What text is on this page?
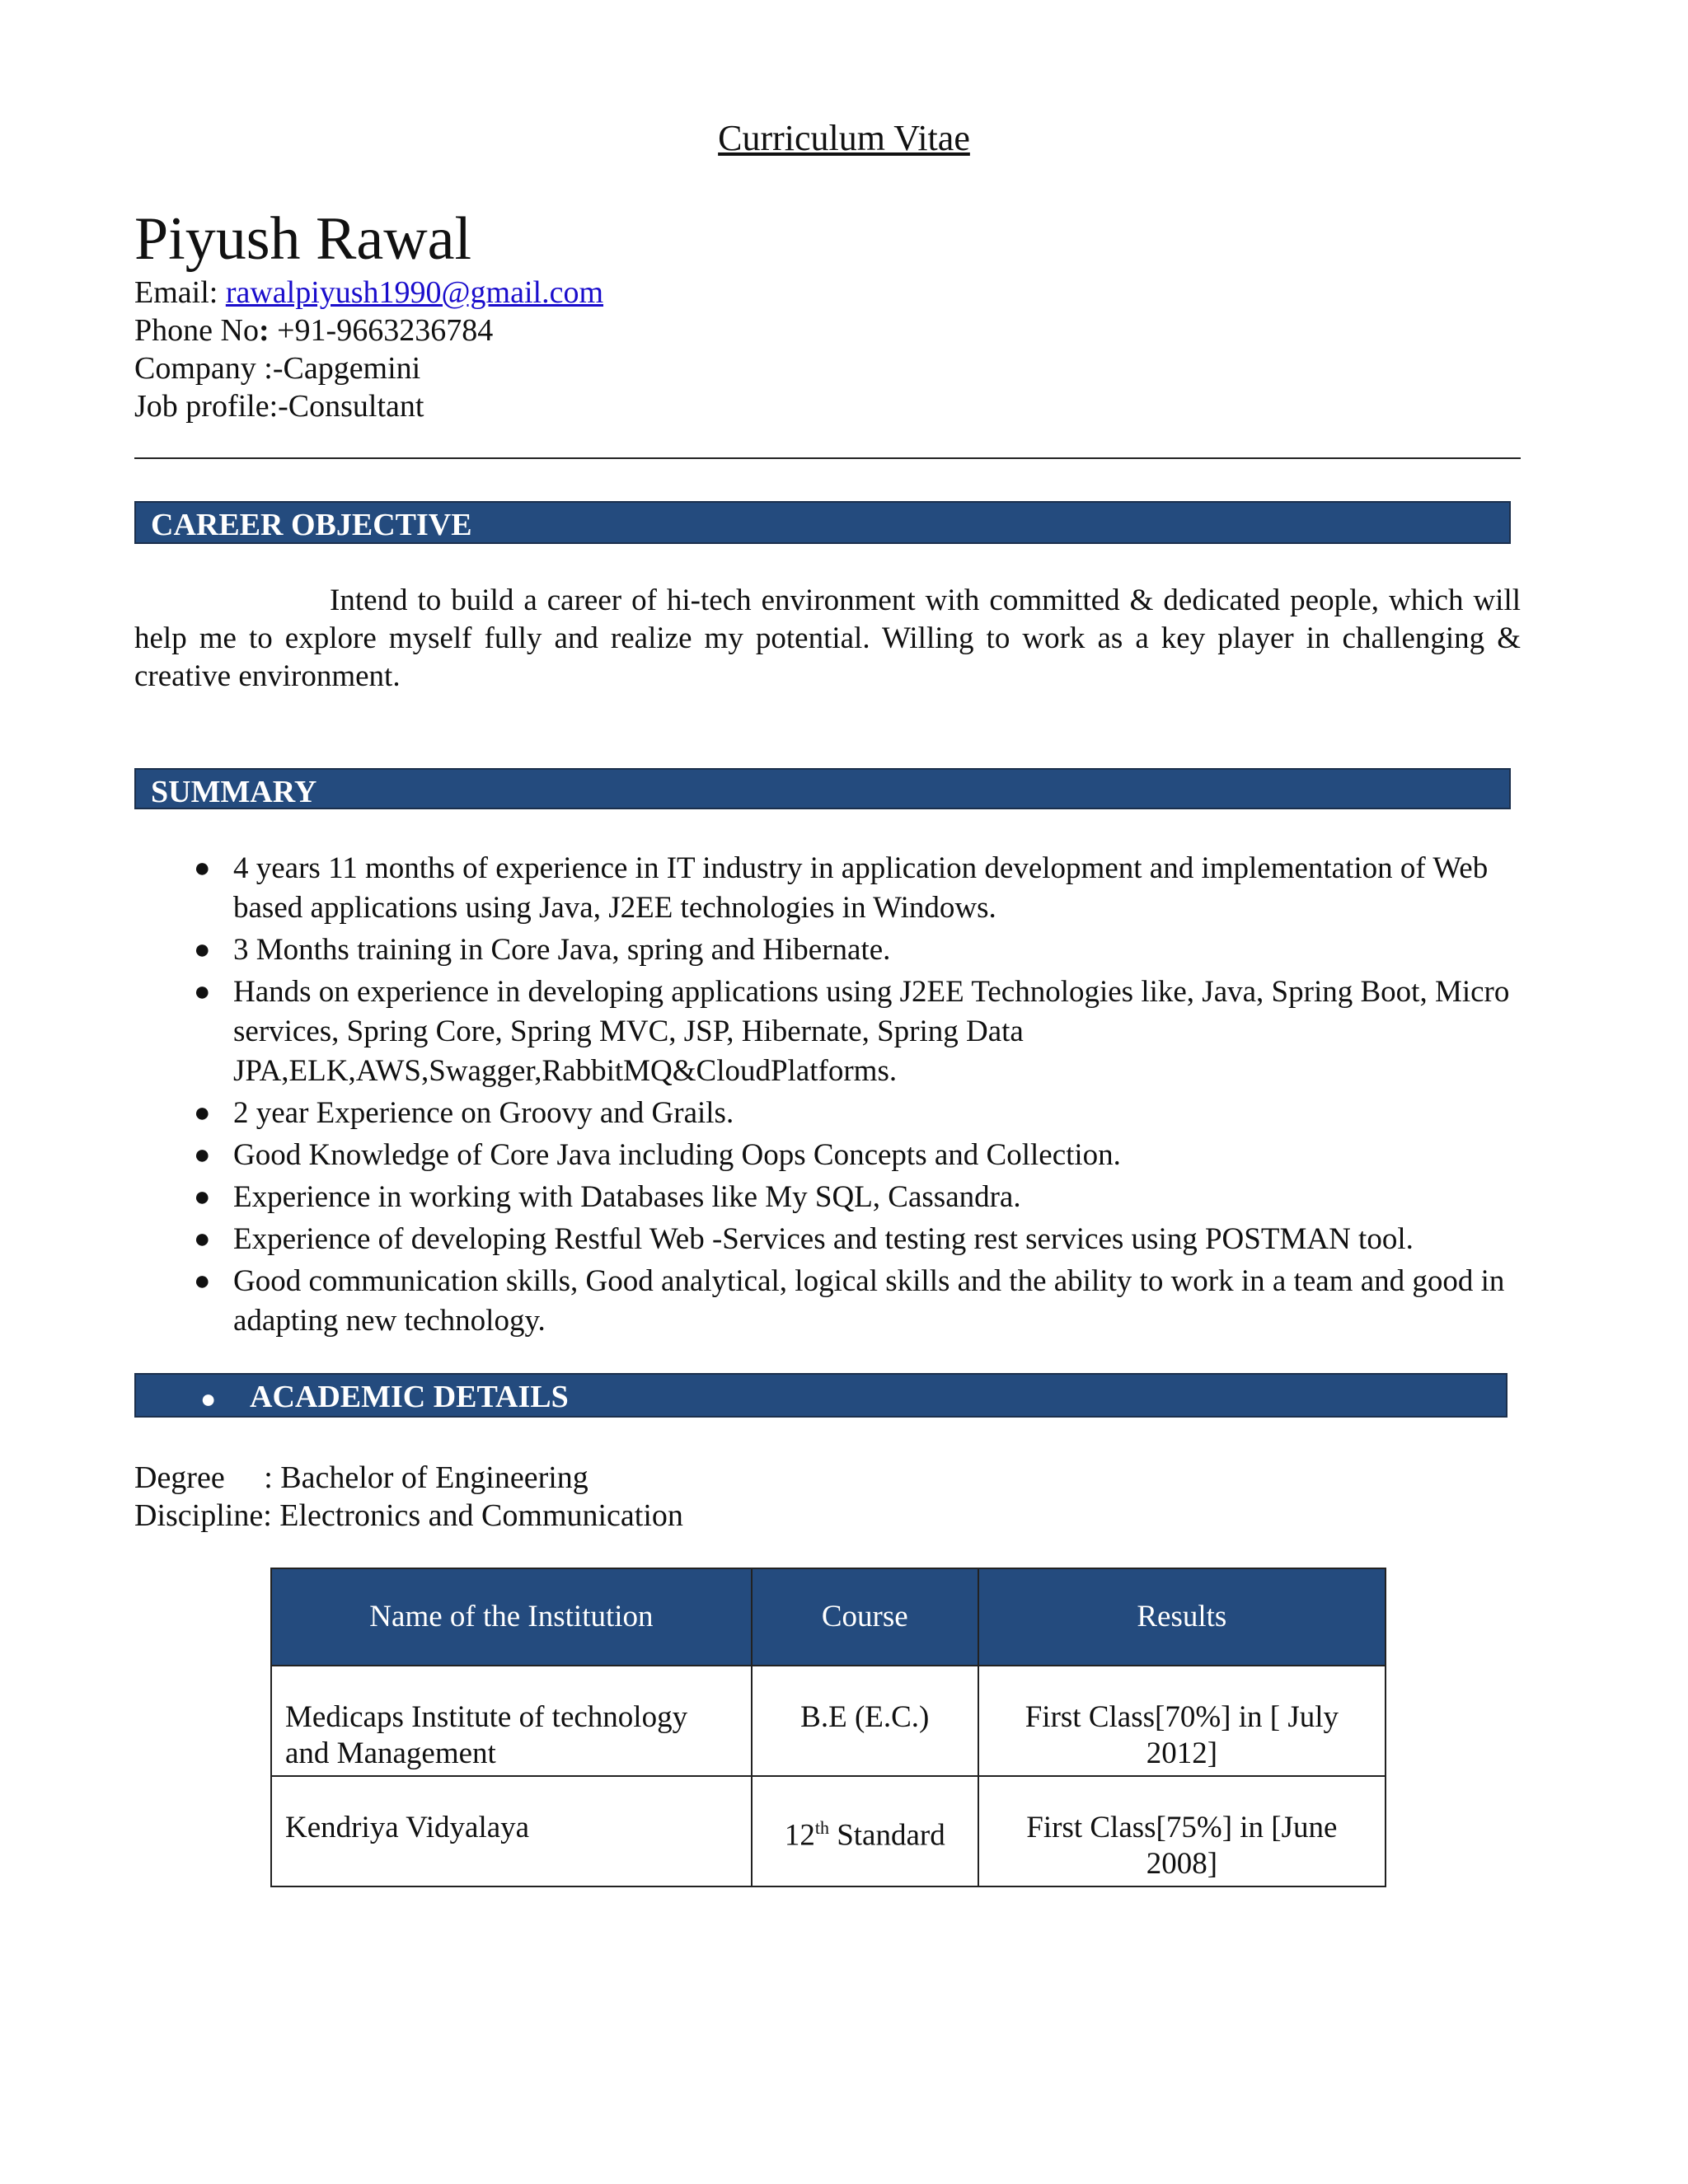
Curriculum Vitae
Piyush Rawal
Email: rawalpiyush1990@gmail.com
Phone No: +91-9663236784
Company :-Capgemini
Job profile:-Consultant
CAREER OBJECTIVE
Intend to build a career of hi-tech environment with committed & dedicated people, which will help me to explore myself fully and realize my potential. Willing to work as a key player in challenging & creative environment.
SUMMARY
● 4 years 11 months of experience in IT industry in application development and implementation of Web based applications using Java, J2EE technologies in Windows.
● 3 Months training in Core Java, spring and Hibernate.
● Hands on experience in developing applications using J2EE Technologies like, Java, Spring Boot, Micro services, Spring Core, Spring MVC, JSP, Hibernate, Spring Data JPA,ELK,AWS,Swagger,RabbitMQ&CloudPlatforms.
● 2 year Experience on Groovy and Grails.
● Good Knowledge of Core Java including Oops Concepts and Collection.
● Experience in working with Databases like My SQL, Cassandra.
● Experience of developing Restful Web -Services and testing rest services using POSTMAN tool.
● Good communication skills, Good analytical, logical skills and the ability to work in a team and good in adapting new technology.
● ACADEMIC DETAILS
Degree     : Bachelor of Engineering
Discipline: Electronics and Communication
Name of the Institution	Course	Results
Medicaps Institute of technology and Management	B.E (E.C.)	First Class[70%] in [ July 2012]
Kendriya Vidyalaya	12th Standard	First Class[75%] in [June 2008]
